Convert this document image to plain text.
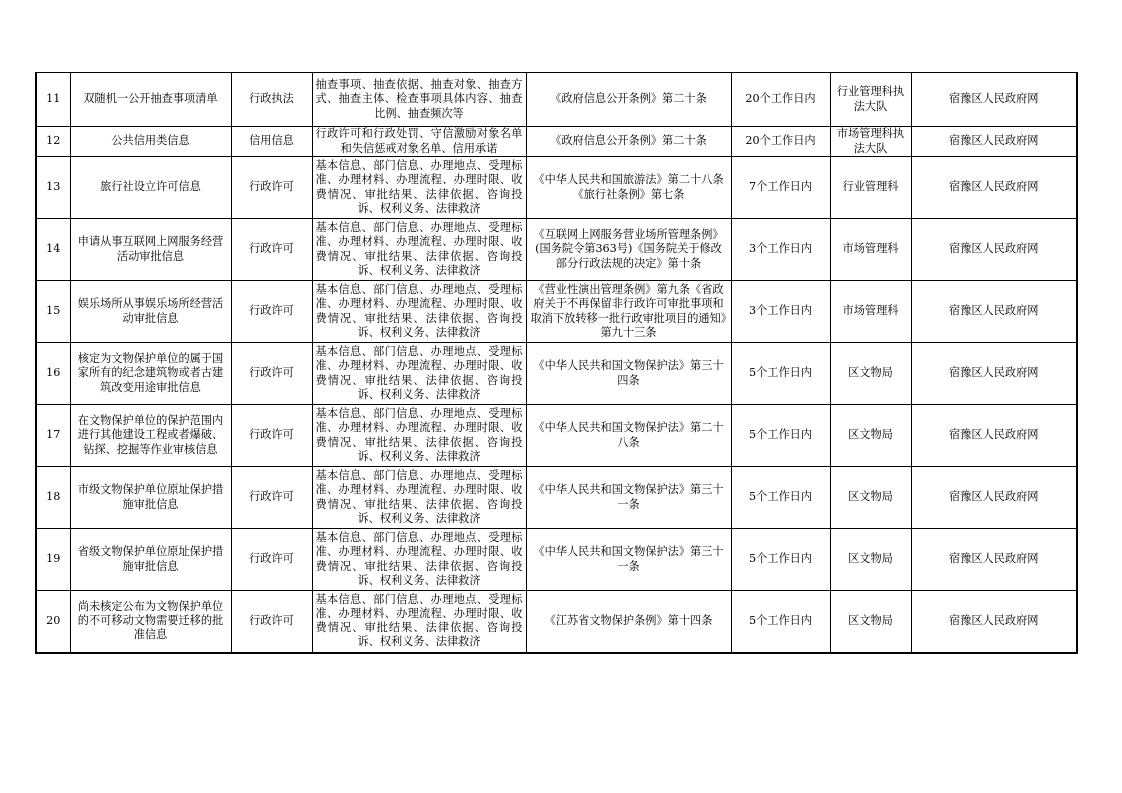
11	双随机一公开抽查事项清单	行政执法	抽查事项、抽查依据、抽查对象、抽查方式、抽查主体、检查事项具体内容、抽查比例、抽查频次等	《政府信息公开条例》第二十条	20个工作日内	行业管理科执法大队	宿豫区人民政府网
12	公共信用类信息	信用信息	行政许可和行政处罚、守信激励对象名单和失信惩戒对象名单、信用承诺	《政府信息公开条例》第二十条	20个工作日内	市场管理科执法大队	宿豫区人民政府网
13	旅行社设立许可信息	行政许可	基本信息、部门信息、办理地点、受理标准、办理材料、办理流程、办理时限、收费情况、审批结果、法律依据、咨询投诉、权利义务、法律救济	《中华人民共和国旅游法》第二十八条《旅行社条例》第七条	7个工作日内	行业管理科	宿豫区人民政府网
14	申请从事互联网上网服务经营活动审批信息	行政许可	基本信息、部门信息、办理地点、受理标准、办理材料、办理流程、办理时限、收费情况、审批结果、法律依据、咨询投诉、权利义务、法律救济	《互联网上网服务营业场所管理条例》(国务院令第363号)《国务院关于修改部分行政法规的决定》第十条	3个工作日内	市场管理科	宿豫区人民政府网
15	娱乐场所从事娱乐场所经营活动审批信息	行政许可	基本信息、部门信息、办理地点、受理标准、办理材料、办理流程、办理时限、收费情况、审批结果、法律依据、咨询投诉、权利义务、法律救济	《营业性演出管理条例》第九条《省政府关于不再保留非行政许可审批事项和取消下放转移一批行政审批项目的通知》第九十三条	3个工作日内	市场管理科	宿豫区人民政府网
16	核定为文物保护单位的属于国家所有的纪念建筑物或者古建筑改变用途审批信息	行政许可	基本信息、部门信息、办理地点、受理标准、办理材料、办理流程、办理时限、收费情况、审批结果、法律依据、咨询投诉、权利义务、法律救济	《中华人民共和国文物保护法》第三十四条	5个工作日内	区文物局	宿豫区人民政府网
17	在文物保护单位的保护范围内进行其他建设工程或者爆破、钻探、挖掘等作业审核信息	行政许可	基本信息、部门信息、办理地点、受理标准、办理材料、办理流程、办理时限、收费情况、审批结果、法律依据、咨询投诉、权利义务、法律救济	《中华人民共和国文物保护法》第二十八条	5个工作日内	区文物局	宿豫区人民政府网
18	市级文物保护单位原址保护措施审批信息	行政许可	基本信息、部门信息、办理地点、受理标准、办理材料、办理流程、办理时限、收费情况、审批结果、法律依据、咨询投诉、权利义务、法律救济	《中华人民共和国文物保护法》第三十一条	5个工作日内	区文物局	宿豫区人民政府网
19	省级文物保护单位原址保护措施审批信息	行政许可	基本信息、部门信息、办理地点、受理标准、办理材料、办理流程、办理时限、收费情况、审批结果、法律依据、咨询投诉、权利义务、法律救济	《中华人民共和国文物保护法》第三十一条	5个工作日内	区文物局	宿豫区人民政府网
20	尚未核定公布为文物保护单位的不可移动文物需要迁移的批准信息	行政许可	基本信息、部门信息、办理地点、受理标准、办理材料、办理流程、办理时限、收费情况、审批结果、法律依据、咨询投诉、权利义务、法律救济	《江苏省文物保护条例》第十四条	5个工作日内	区文物局	宿豫区人民政府网
